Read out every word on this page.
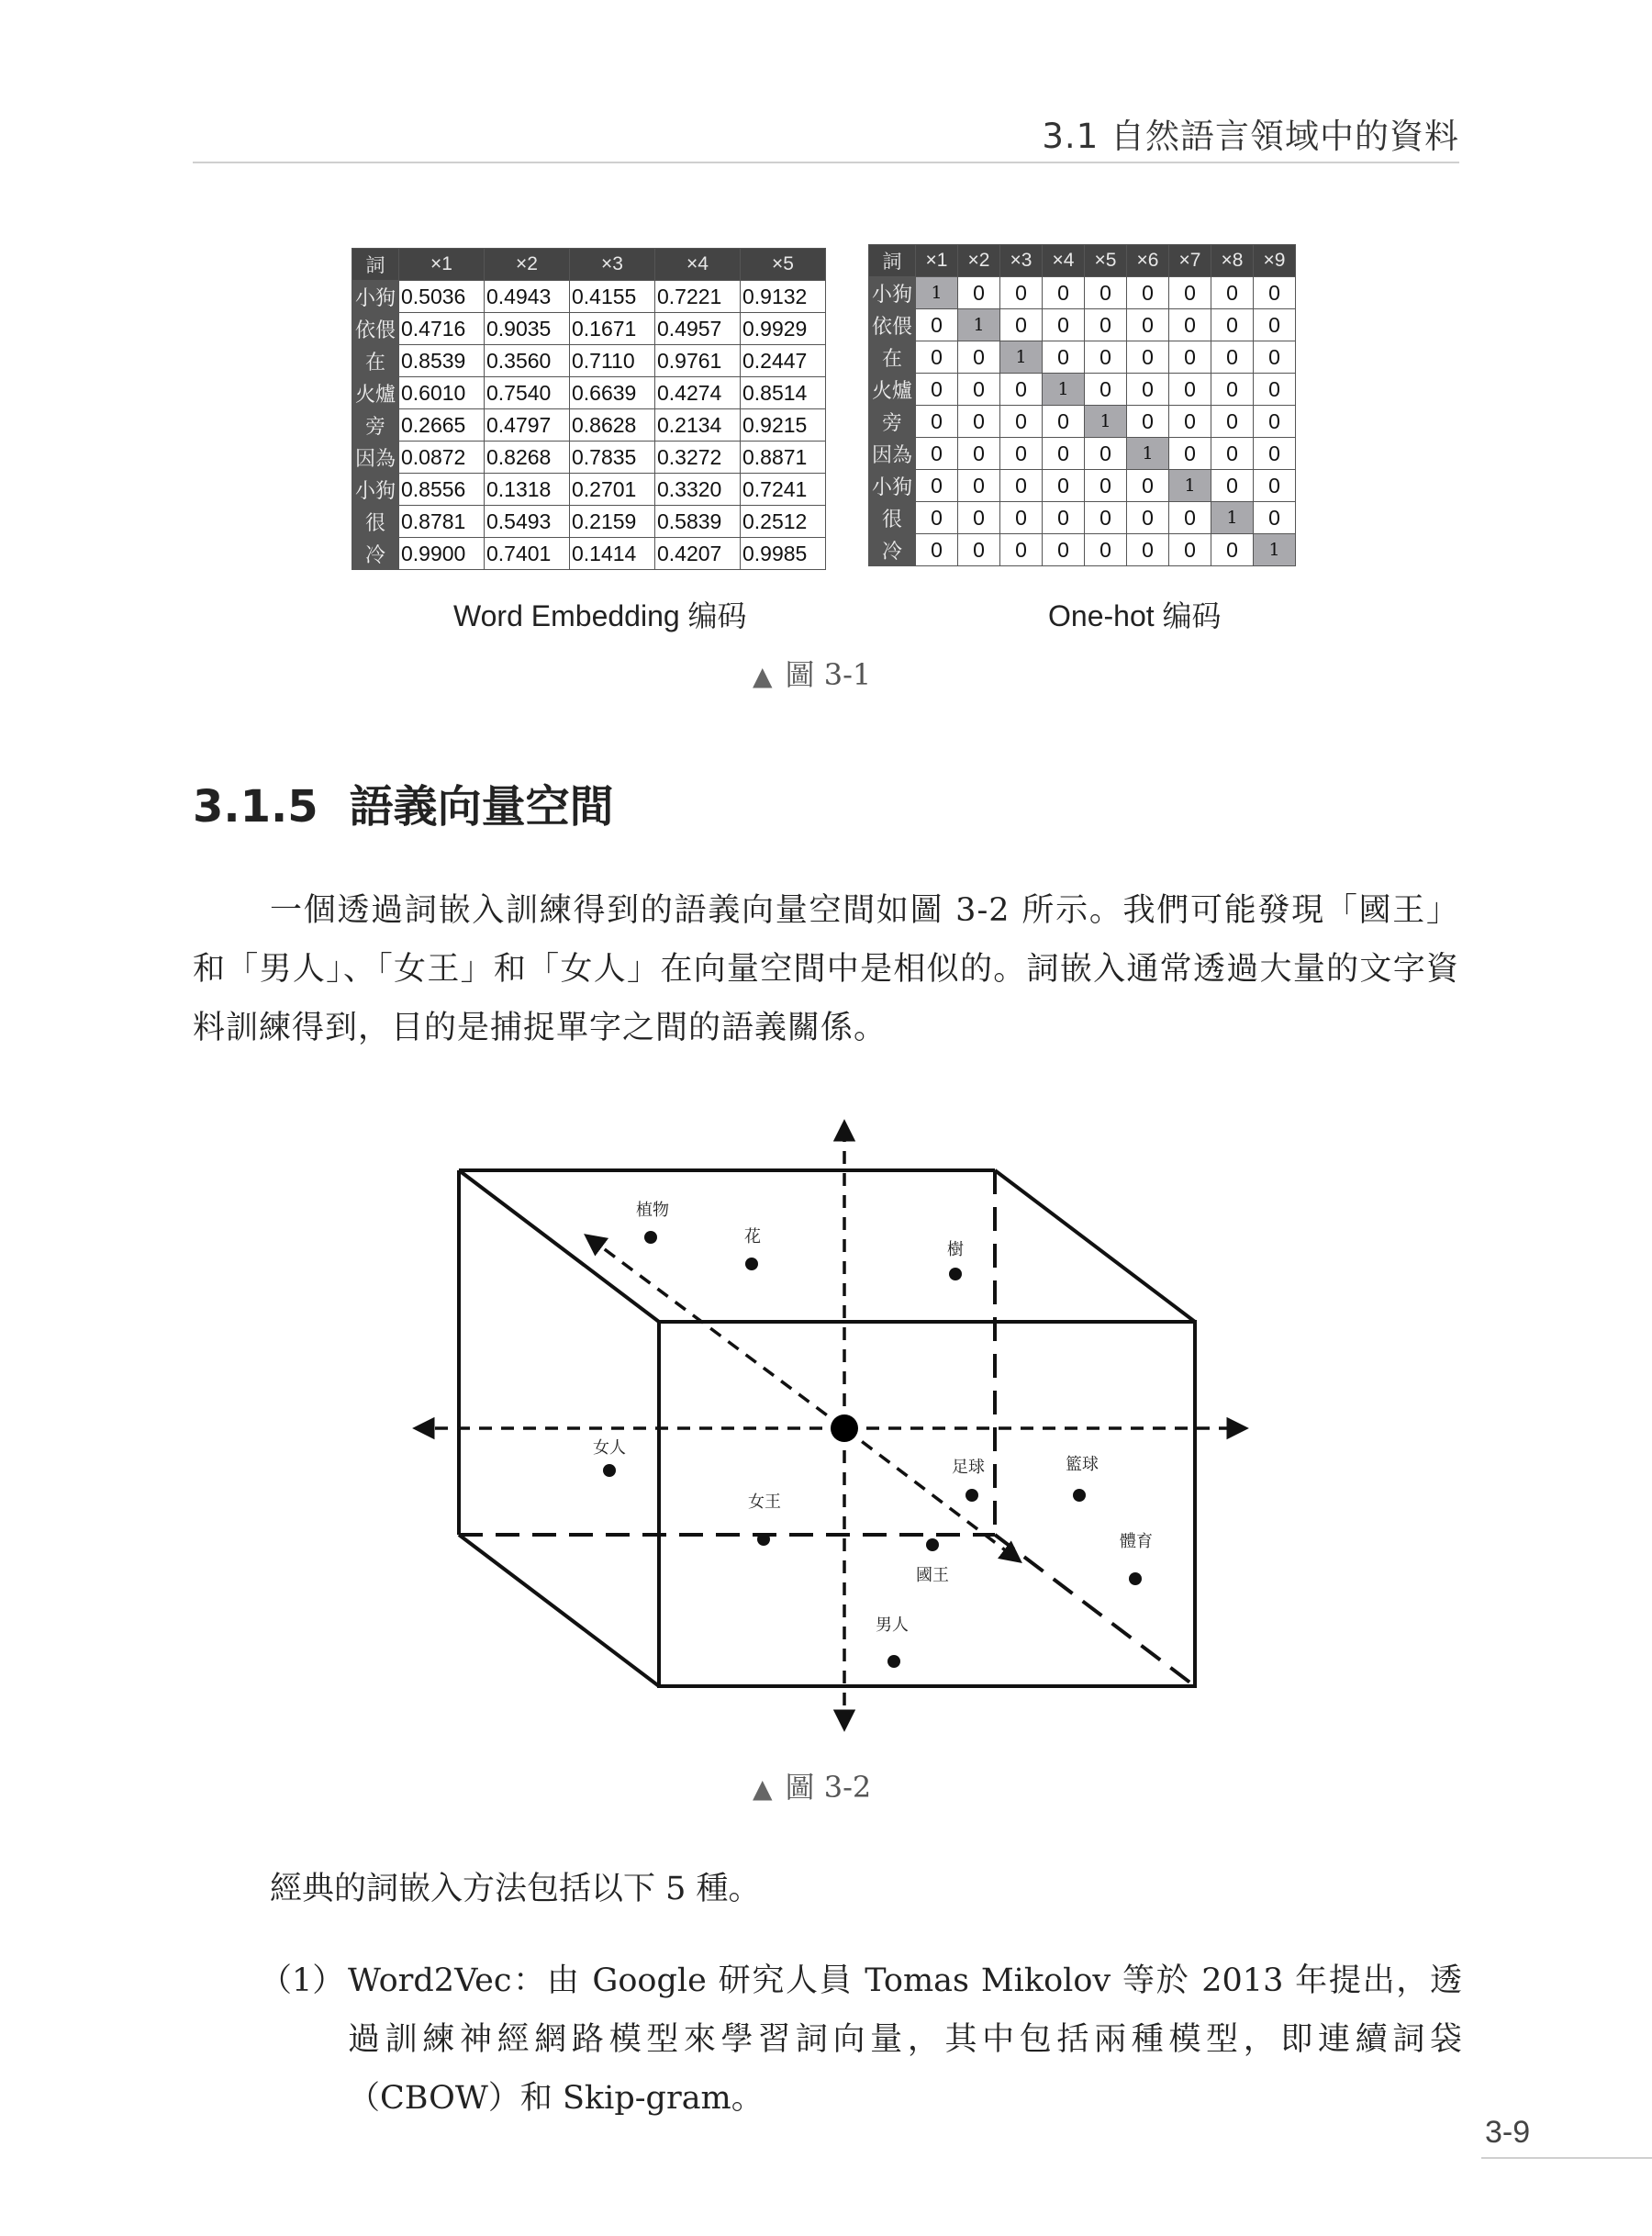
3.1 自然語言領域中的資料
詞	×1	×2	×3	×4	×5
小狗	0.5036	0.4943	0.4155	0.7221	0.9132
依偎	0.4716	0.9035	0.1671	0.4957	0.9929
在	0.8539	0.3560	0.7110	0.9761	0.2447
火爐	0.6010	0.7540	0.6639	0.4274	0.8514
旁	0.2665	0.4797	0.8628	0.2134	0.9215
因為	0.0872	0.8268	0.7835	0.3272	0.8871
小狗	0.8556	0.1318	0.2701	0.3320	0.7241
很	0.8781	0.5493	0.2159	0.5839	0.2512
冷	0.9900	0.7401	0.1414	0.4207	0.9985
詞	×1	×2	×3	×4	×5	×6	×7	×8	×9
小狗	1	0	0	0	0	0	0	0	0
依偎	0	1	0	0	0	0	0	0	0
在	0	0	1	0	0	0	0	0	0
火爐	0	0	0	1	0	0	0	0	0
旁	0	0	0	0	1	0	0	0	0
因為	0	0	0	0	0	1	0	0	0
小狗	0	0	0	0	0	0	1	0	0
很	0	0	0	0	0	0	0	1	0
冷	0	0	0	0	0	0	0	0	1
Word Embedding 编码	One-hot 编码
▲ 圖 3-1
3.1.5 語義向量空間

一個透過詞嵌入訓練得到的語義向量空間如圖 3-2 所示。我們可能發現「國王」和「男人」、「女王」和「女人」在向量空間中是相似的。詞嵌入通常透過大量的文字資料訓練得到，目的是捕捉單字之間的語義關係。

植物
花
樹
女人
女王
足球	籃球
體育
國王
男人
▲ 圖 3-2
經典的詞嵌入方法包括以下 5 種。
（1） Word2Vec：由 Google 研究人員 Tomas Mikolov 等於 2013 年提出，透過訓練神經網路模型來學習詞向量，其中包括兩種模型，即連續詞袋（CBOW）和 Skip-gram。
3-9
